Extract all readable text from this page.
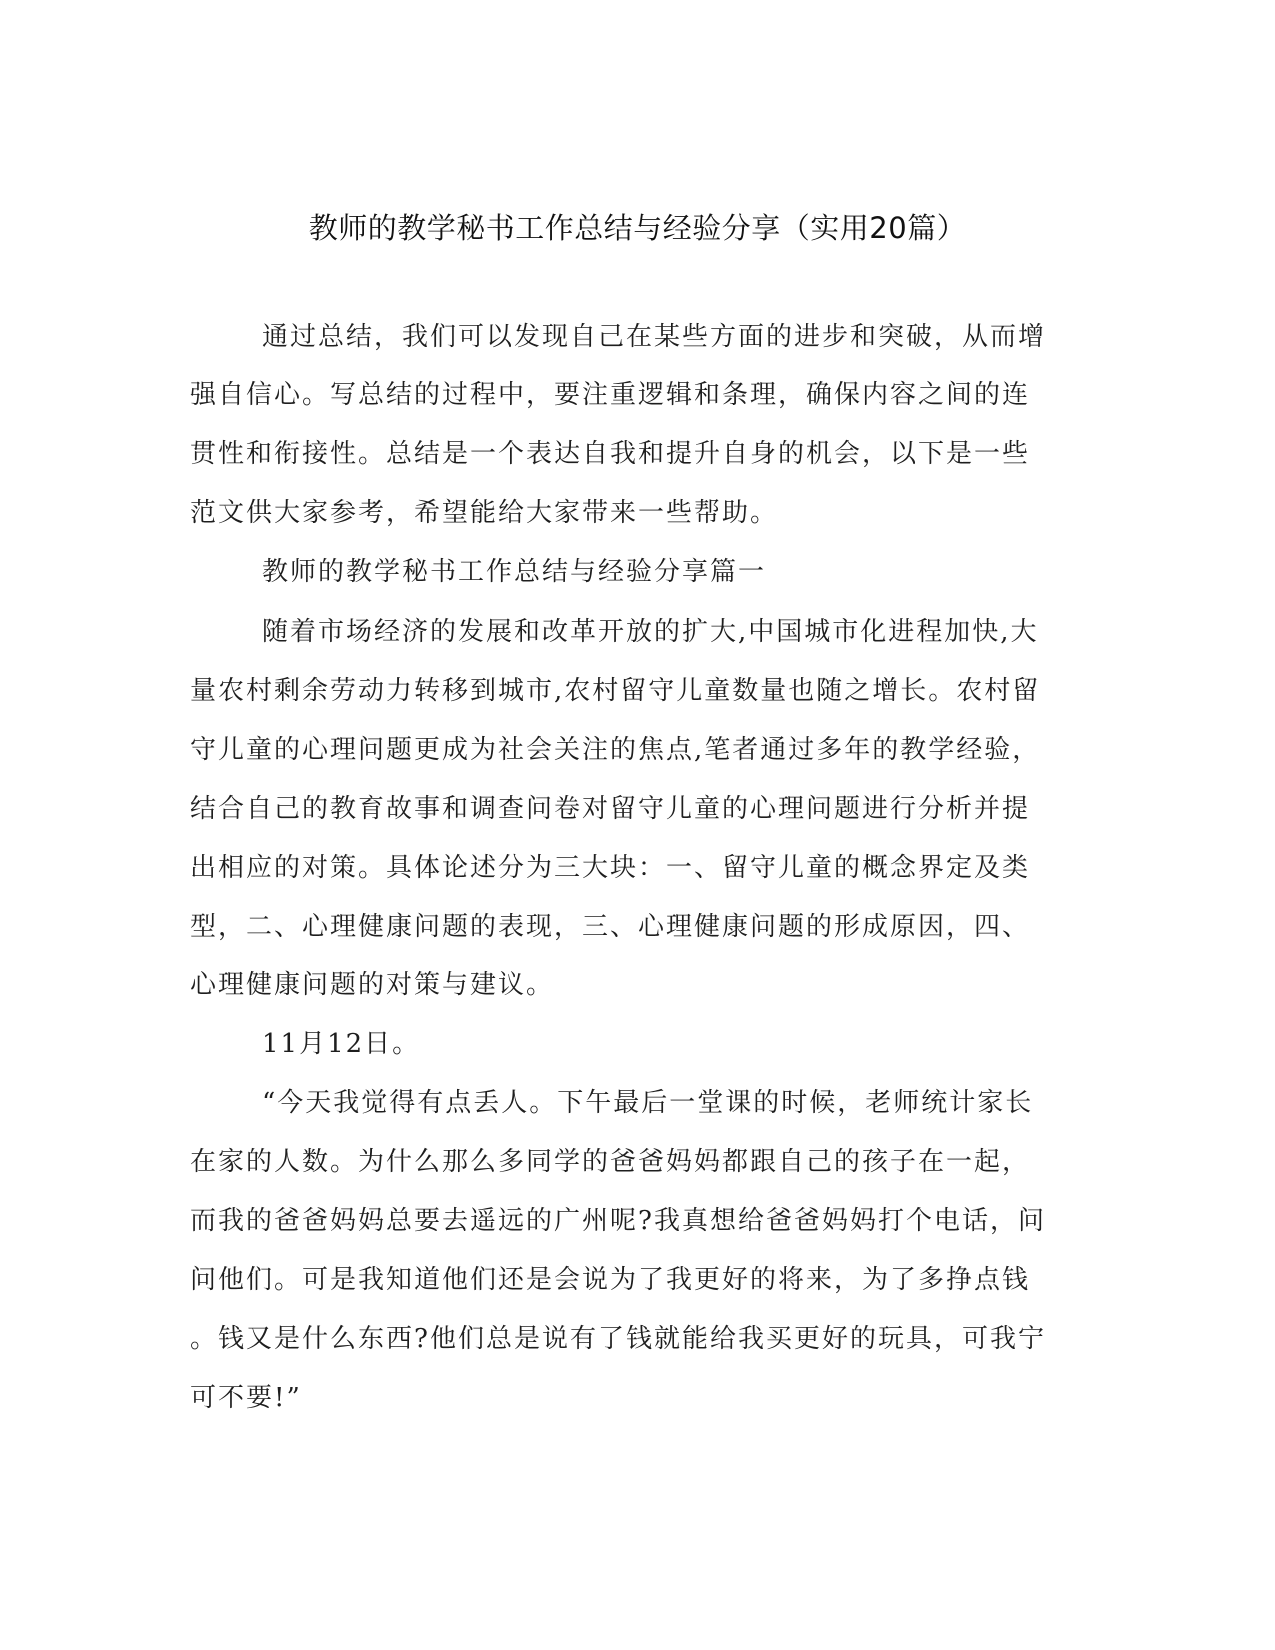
教师的教学秘书工作总结与经验分享（实用20篇）
通过总结，我们可以发现自己在某些方面的进步和突破，从而增
强自信心。写总结的过程中，要注重逻辑和条理，确保内容之间的连
贯性和衔接性。总结是一个表达自我和提升自身的机会，以下是一些
范文供大家参考，希望能给大家带来一些帮助。
教师的教学秘书工作总结与经验分享篇一
随着市场经济的发展和改革开放的扩大,中国城市化进程加快,大
量农村剩余劳动力转移到城市,农村留守儿童数量也随之增长。农村留
守儿童的心理问题更成为社会关注的焦点,笔者通过多年的教学经验，
结合自己的教育故事和调查问卷对留守儿童的心理问题进行分析并提
出相应的对策。具体论述分为三大块：一、留守儿童的概念界定及类
型，二、心理健康问题的表现，三、心理健康问题的形成原因，四、
心理健康问题的对策与建议。
11月12日。
“今天我觉得有点丢人。下午最后一堂课的时候，老师统计家长
在家的人数。为什么那么多同学的爸爸妈妈都跟自己的孩子在一起，
而我的爸爸妈妈总要去遥远的广州呢?我真想给爸爸妈妈打个电话，问
问他们。可是我知道他们还是会说为了我更好的将来，为了多挣点钱
。钱又是什么东西?他们总是说有了钱就能给我买更好的玩具，可我宁
可不要!”
